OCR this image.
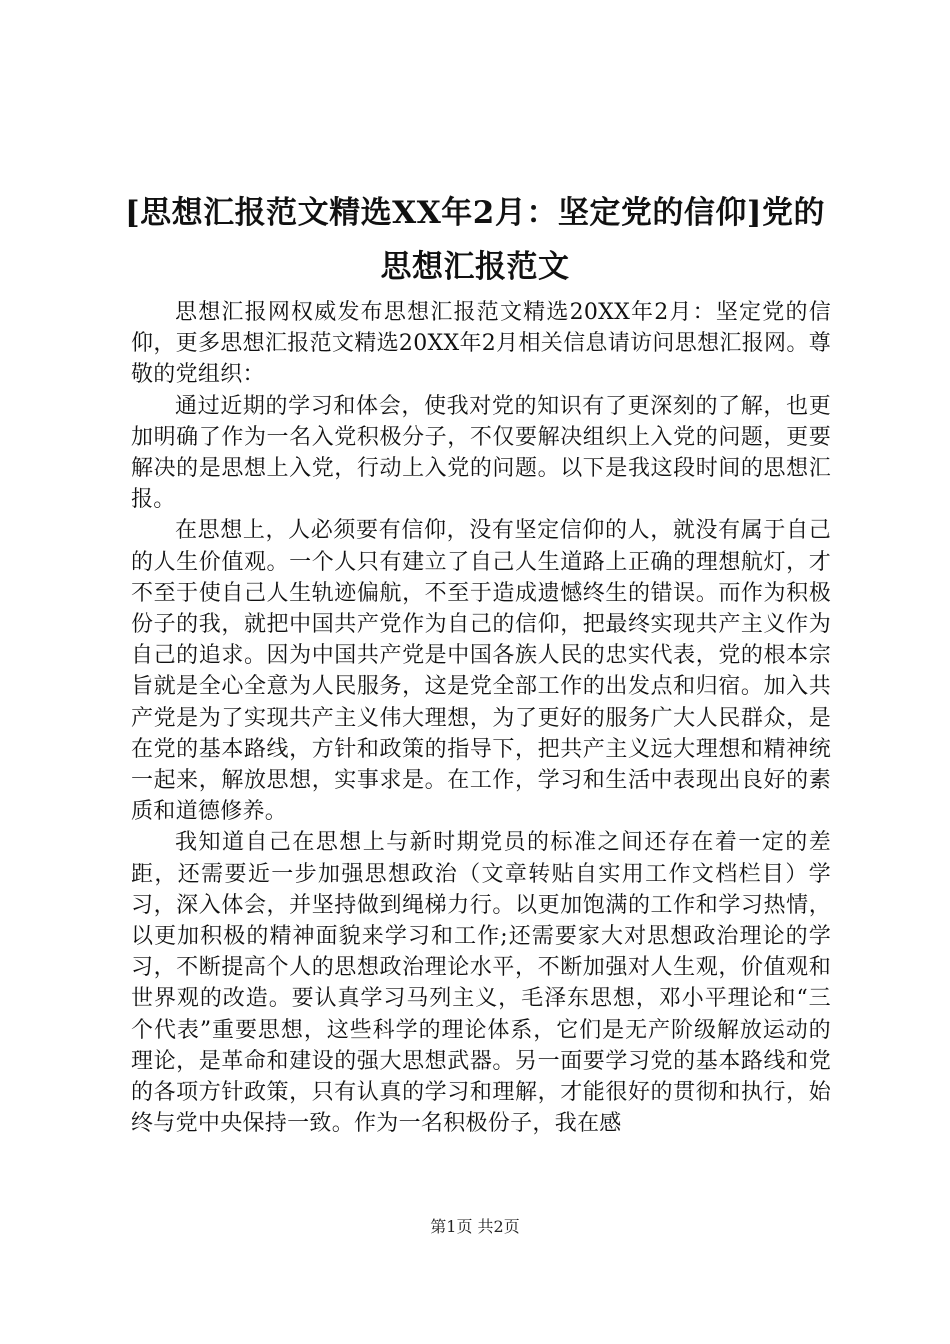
[思想汇报范文精选XX年2月：坚定党的信仰]党的思想汇报范文

思想汇报网权威发布思想汇报范文精选20XX年2月：坚定党的信仰，更多思想汇报范文精选20XX年2月相关信息请访问思想汇报网。尊敬的党组织：

通过近期的学习和体会，使我对党的知识有了更深刻的了解，也更加明确了作为一名入党积极分子，不仅要解决组织上入党的问题，更要解决的是思想上入党，行动上入党的问题。以下是我这段时间的思想汇报。

在思想上，人必须要有信仰，没有坚定信仰的人，就没有属于自己的人生价值观。一个人只有建立了自己人生道路上正确的理想航灯，才不至于使自己人生轨迹偏航，不至于造成遗憾终生的错误。而作为积极份子的我，就把中国共产党作为自己的信仰，把最终实现共产主义作为自己的追求。因为中国共产党是中国各族人民的忠实代表，党的根本宗旨就是全心全意为人民服务，这是党全部工作的出发点和归宿。加入共产党是为了实现共产主义伟大理想，为了更好的服务广大人民群众，是在党的基本路线，方针和政策的指导下，把共产主义远大理想和精神统一起来，解放思想，实事求是。在工作，学习和生活中表现出良好的素质和道德修养。

我知道自己在思想上与新时期党员的标准之间还存在着一定的差距，还需要近一步加强思想政治（文章转贴自实用工作文档栏目）学习，深入体会，并坚持做到绳梯力行。以更加饱满的工作和学习热情，以更加积极的精神面貌来学习和工作;还需要家大对思想政治理论的学习，不断提高个人的思想政治理论水平，不断加强对人生观，价值观和世界观的改造。要认真学习马列主义，毛泽东思想，邓小平理论和“三个代表”重要思想，这些科学的理论体系，它们是无产阶级解放运动的理论，是革命和建设的强大思想武器。另一面要学习党的基本路线和党的各项方针政策，只有认真的学习和理解，才能很好的贯彻和执行，始终与党中央保持一致。作为一名积极份子，我在感

第1页 共2页
